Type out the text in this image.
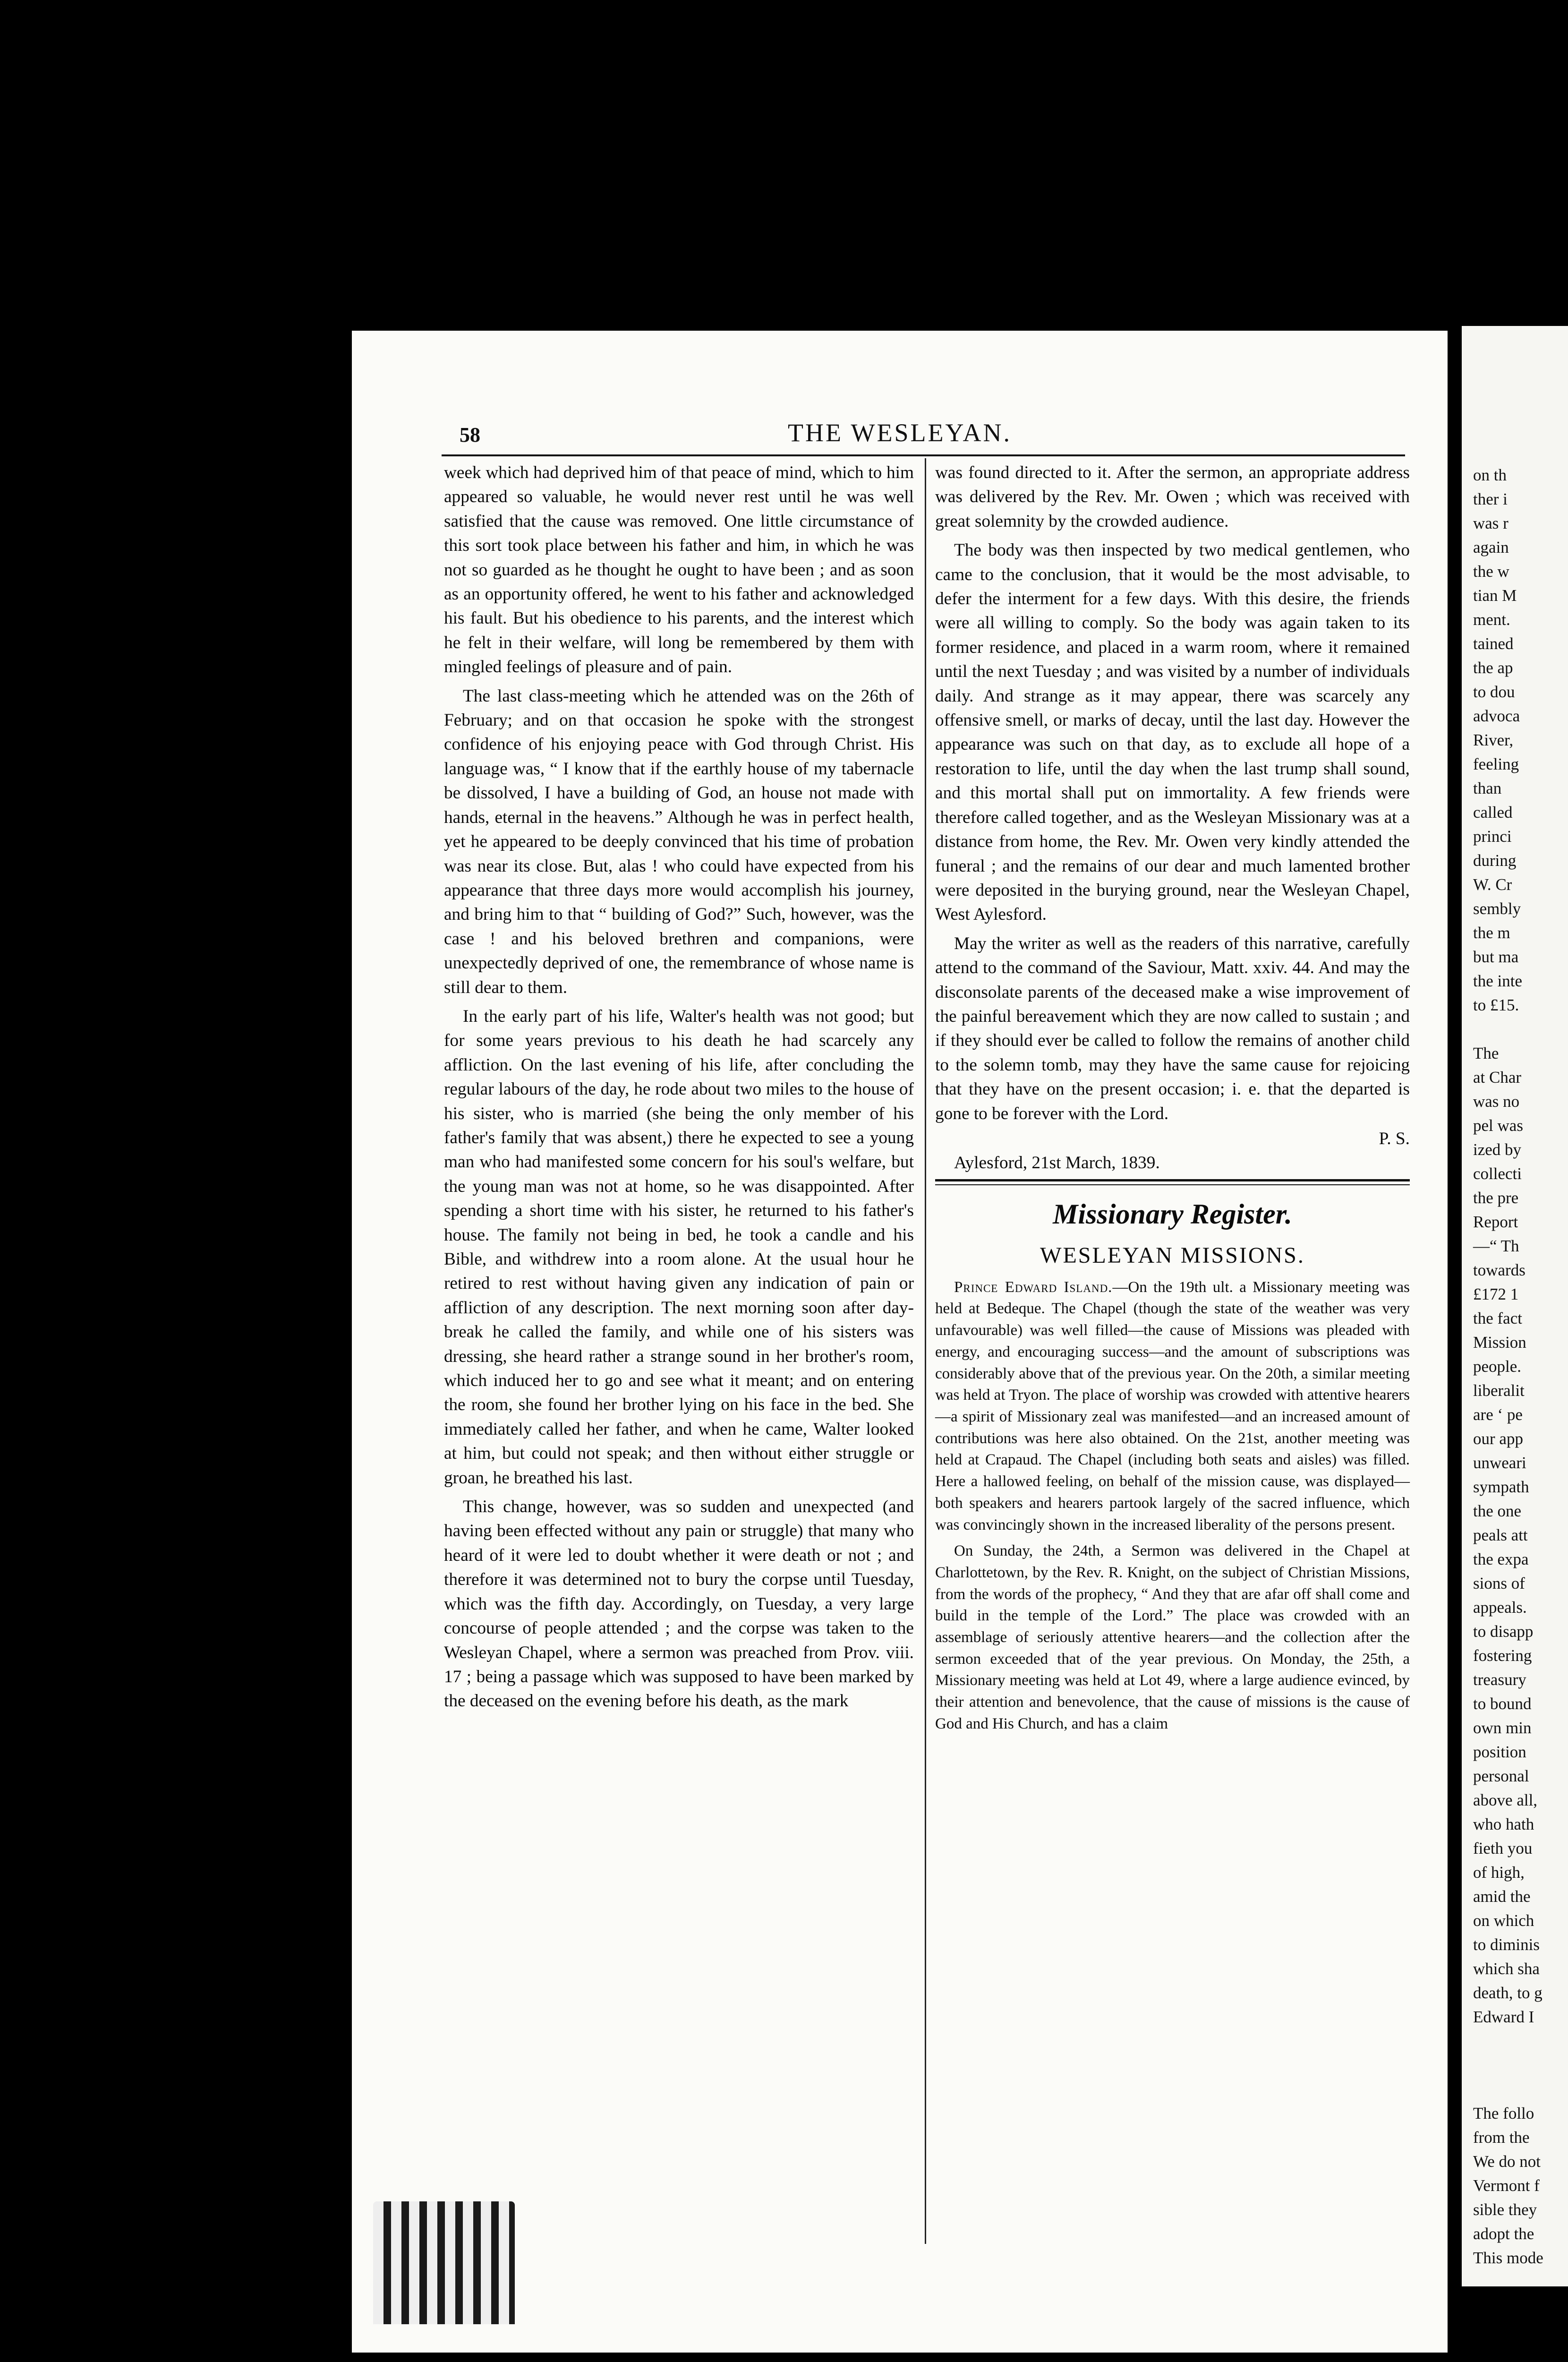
58	THE WESLEYAN.

week which had deprived him of that peace of mind, which to him appeared so valuable, he would never rest until he was well satisfied that the cause was removed. One little circumstance of this sort took place between his father and him, in which he was not so guarded as he thought he ought to have been ; and as soon as an opportunity offered, he went to his father and acknowledged his fault. But his obedience to his parents, and the interest which he felt in their welfare, will long be remembered by them with mingled feelings of pleasure and of pain.

The last class-meeting which he attended was on the 26th of February; and on that occasion he spoke with the strongest confidence of his enjoying peace with God through Christ. His language was, “ I know that if the earthly house of my tabernacle be dissolved, I have a building of God, an house not made with hands, eternal in the heavens.” Although he was in perfect health, yet he appeared to be deeply convinced that his time of probation was near its close. But, alas ! who could have expected from his appearance that three days more would accomplish his journey, and bring him to that “ building of God?” Such, however, was the case ! and his beloved brethren and companions, were unexpectedly deprived of one, the remembrance of whose name is still dear to them.

In the early part of his life, Walter's health was not good; but for some years previous to his death he had scarcely any affliction. On the last evening of his life, after concluding the regular labours of the day, he rode about two miles to the house of his sister, who is married (she being the only member of his father's family that was absent,) there he expected to see a young man who had manifested some concern for his soul's welfare, but the young man was not at home, so he was disappointed. After spending a short time with his sister, he returned to his father's house. The family not being in bed, he took a candle and his Bible, and withdrew into a room alone. At the usual hour he retired to rest without having given any indication of pain or affliction of any description. The next morning soon after day-break he called the family, and while one of his sisters was dressing, she heard rather a strange sound in her brother's room, which induced her to go and see what it meant; and on entering the room, she found her brother lying on his face in the bed. She immediately called her father, and when he came, Walter looked at him, but could not speak; and then without either struggle or groan, he breathed his last.

This change, however, was so sudden and unexpected (and having been effected without any pain or struggle) that many who heard of it were led to doubt whether it were death or not ; and therefore it was determined not to bury the corpse until Tuesday, which was the fifth day. Accordingly, on Tuesday, a very large concourse of people attended ; and the corpse was taken to the Wesleyan Chapel, where a sermon was preached from Prov. viii. 17 ; being a passage which was supposed to have been marked by the deceased on the evening before his death, as the mark

was found directed to it. After the sermon, an appropriate address was delivered by the Rev. Mr. Owen ; which was received with great solemnity by the crowded audience.

The body was then inspected by two medical gentlemen, who came to the conclusion, that it would be the most advisable, to defer the interment for a few days. With this desire, the friends were all willing to comply. So the body was again taken to its former residence, and placed in a warm room, where it remained until the next Tuesday ; and was visited by a number of individuals daily. And strange as it may appear, there was scarcely any offensive smell, or marks of decay, until the last day. However the appearance was such on that day, as to exclude all hope of a restoration to life, until the day when the last trump shall sound, and this mortal shall put on immortality. A few friends were therefore called together, and as the Wesleyan Missionary was at a distance from home, the Rev. Mr. Owen very kindly attended the funeral ; and the remains of our dear and much lamented brother were deposited in the burying ground, near the Wesleyan Chapel, West Aylesford.

May the writer as well as the readers of this narrative, carefully attend to the command of the Saviour, Matt. xxiv. 44. And may the disconsolate parents of the deceased make a wise improvement of the painful bereavement which they are now called to sustain ; and if they should ever be called to follow the remains of another child to the solemn tomb, may they have the same cause for rejoicing that they have on the present occasion; i. e. that the departed is gone to be forever with the Lord.

P. S.
Aylesford, 21st March, 1839.
Missionary Register.
WESLEYAN MISSIONS.

Prince Edward Island.—On the 19th ult. a Missionary meeting was held at Bedeque. The Chapel (though the state of the weather was very unfavourable) was well filled—the cause of Missions was pleaded with energy, and encouraging success—and the amount of subscriptions was considerably above that of the previous year. On the 20th, a similar meeting was held at Tryon. The place of worship was crowded with attentive hearers—a spirit of Missionary zeal was manifested—and an increased amount of contributions was here also obtained. On the 21st, another meeting was held at Crapaud. The Chapel (including both seats and aisles) was filled. Here a hallowed feeling, on behalf of the mission cause, was displayed—both speakers and hearers partook largely of the sacred influence, which was convincingly shown in the increased liberality of the persons present.

On Sunday, the 24th, a Sermon was delivered in the Chapel at Charlottetown, by the Rev. R. Knight, on the subject of Christian Missions, from the words of the prophecy, “ And they that are afar off shall come and build in the temple of the Lord.” The place was crowded with an assemblage of seriously attentive hearers—and the collection after the sermon exceeded that of the year previous. On Monday, the 25th, a Missionary meeting was held at Lot 49, where a large audience evinced, by their attention and benevolence, that the cause of missions is the cause of God and His Church, and has a claim

on th
ther i
was r
again
the w
tian M
ment.
tained
the ap
to dou
advoca
River,
feeling
than
called
princi
during
W. Cr
sembly
the m
but ma
the inte
to £15.

The
at Char
was no
pel was
ized by
collecti
the pre
Report
—“ Th
towards
£172 1
the fact
Mission
people.
liberalit
are ‘ pe
our app
unweari
sympath
the one
peals att
the expa
sions of
appeals.
to disapp
fostering
treasury
to bound
own min
position
personal
above all,
who hath
fieth you
of high,
amid the
on which
to diminis
which sha
death, to g
Edward I

The follo
from the
We do not
Vermont f
sible they
adopt the
This mode
